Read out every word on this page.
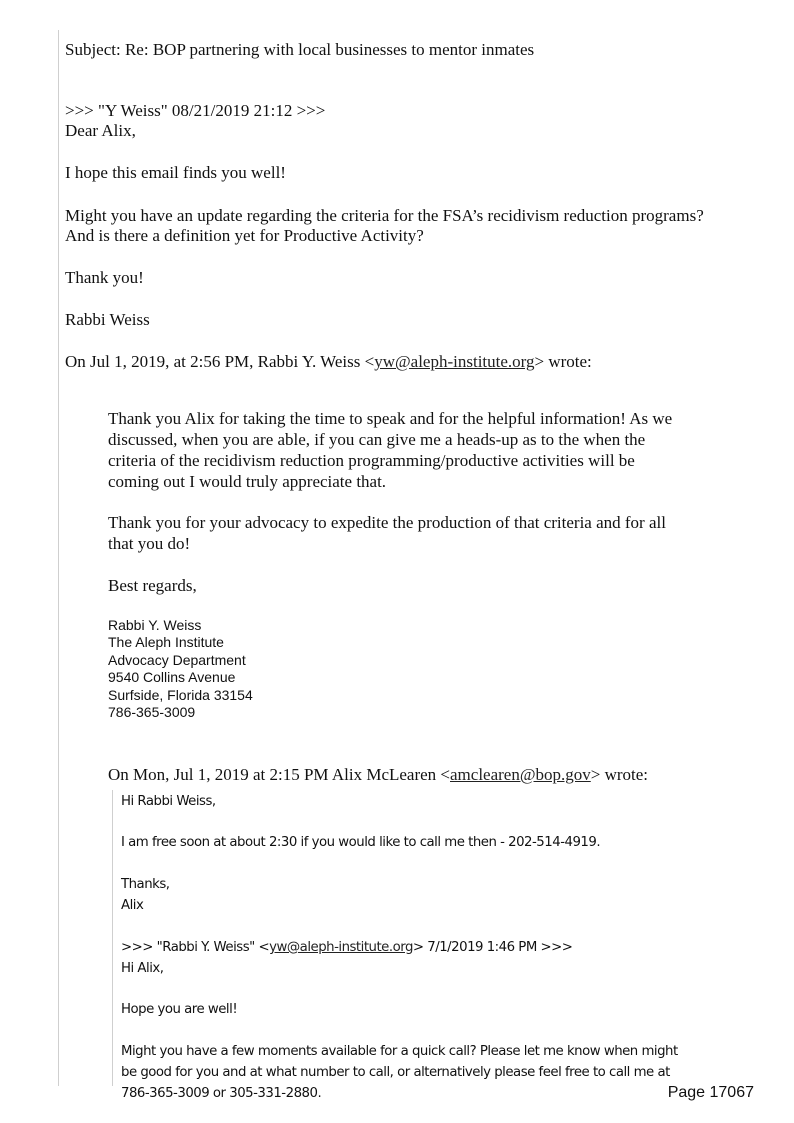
Subject: Re: BOP partnering with local businesses to mentor inmates
>>> "Y Weiss" 08/21/2019 21:12 >>>
Dear Alix,
I hope this email finds you well!
Might you have an update regarding the criteria for the FSA’s recidivism reduction programs?
And is there a definition yet for Productive Activity?
Thank you!
Rabbi Weiss
On Jul 1, 2019, at 2:56 PM, Rabbi Y. Weiss <yw@aleph-institute.org> wrote:
Thank you Alix for taking the time to speak and for the helpful information! As we
discussed, when you are able, if you can give me a heads-up as to the when the
criteria of the recidivism reduction programming/productive activities will be
coming out I would truly appreciate that.
Thank you for your advocacy to expedite the production of that criteria and for all
that you do!
Best regards,
Rabbi Y. Weiss
The Aleph Institute
Advocacy Department
9540 Collins Avenue
Surfside, Florida 33154
786-365-3009
On Mon, Jul 1, 2019 at 2:15 PM Alix McLearen <amclearen@bop.gov> wrote:
Hi Rabbi Weiss,
I am free soon at about 2:30 if you would like to call me then - 202-514-4919.
Thanks,
Alix
>>> "Rabbi Y. Weiss" <yw@aleph-institute.org> 7/1/2019 1:46 PM >>>
Hi Alix,
Hope you are well!
Might you have a few moments available for a quick call? Please let me know when might
be good for you and at what number to call, or alternatively please feel free to call me at
786-365-3009 or 305-331-2880.	Page 17067
